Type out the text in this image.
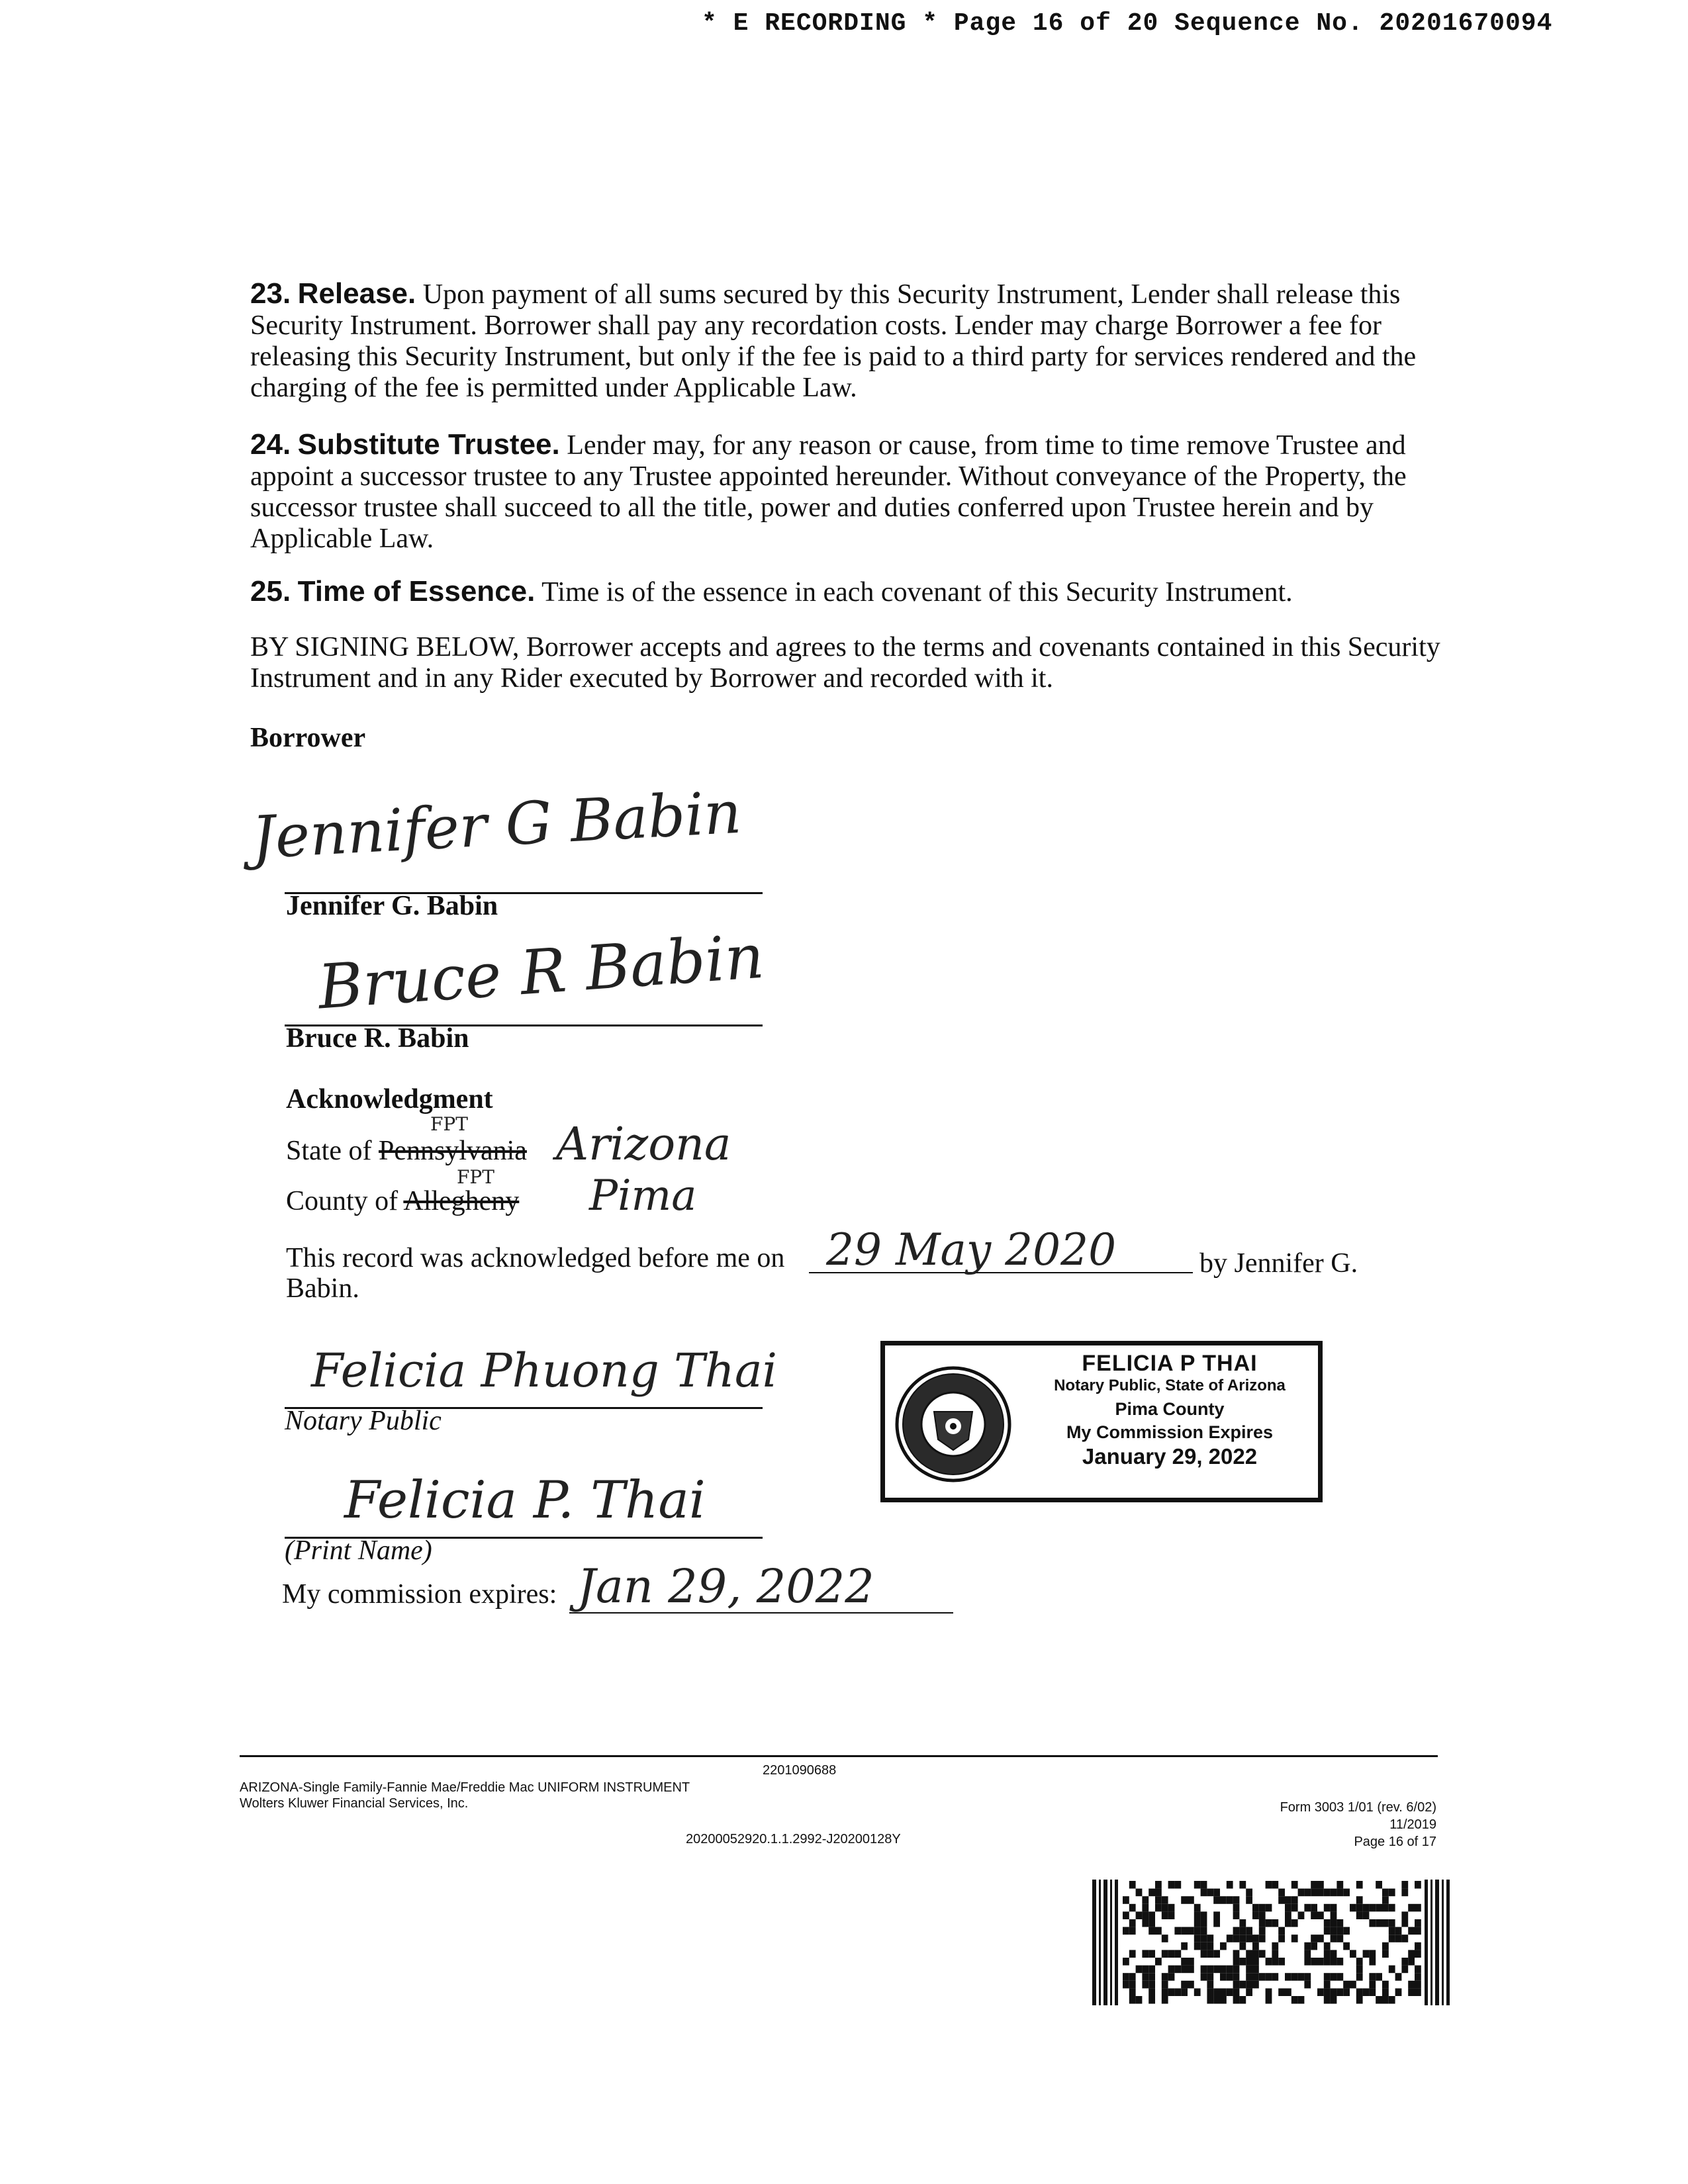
* E RECORDING * Page 16 of 20 Sequence No. 20201670094
23. Release. Upon payment of all sums secured by this Security Instrument, Lender shall release this Security Instrument. Borrower shall pay any recordation costs. Lender may charge Borrower a fee for releasing this Security Instrument, but only if the fee is paid to a third party for services rendered and the charging of the fee is permitted under Applicable Law.
24. Substitute Trustee. Lender may, for any reason or cause, from time to time remove Trustee and appoint a successor trustee to any Trustee appointed hereunder. Without conveyance of the Property, the successor trustee shall succeed to all the title, power and duties conferred upon Trustee herein and by Applicable Law.
25. Time of Essence. Time is of the essence in each covenant of this Security Instrument.
BY SIGNING BELOW, Borrower accepts and agrees to the terms and covenants contained in this Security Instrument and in any Rider executed by Borrower and recorded with it.
Borrower
Jennifer G Babin
Jennifer G. Babin
Bruce R Babin
Bruce R. Babin
Acknowledgment
FPT
State of Pennsylvania Arizona
FPT
County of Allegheny Pima
This record was acknowledged before me on 29 May 2020	by Jennifer G.
Babin.
Felicia Phuong Thai
Notary Public
Felicia P. Thai
(Print Name)
My commission expires: Jan 29, 2022
FELICIA P THAI
Notary Public, State of Arizona
Pima County
My Commission Expires
January 29, 2022
2201090688
ARIZONA-Single Family-Fannie Mae/Freddie Mac UNIFORM INSTRUMENT
Wolters Kluwer Financial Services, Inc.
20200052920.1.1.2992-J20200128Y
Form 3003 1/01 (rev. 6/02)
11/2019
Page 16 of 17
